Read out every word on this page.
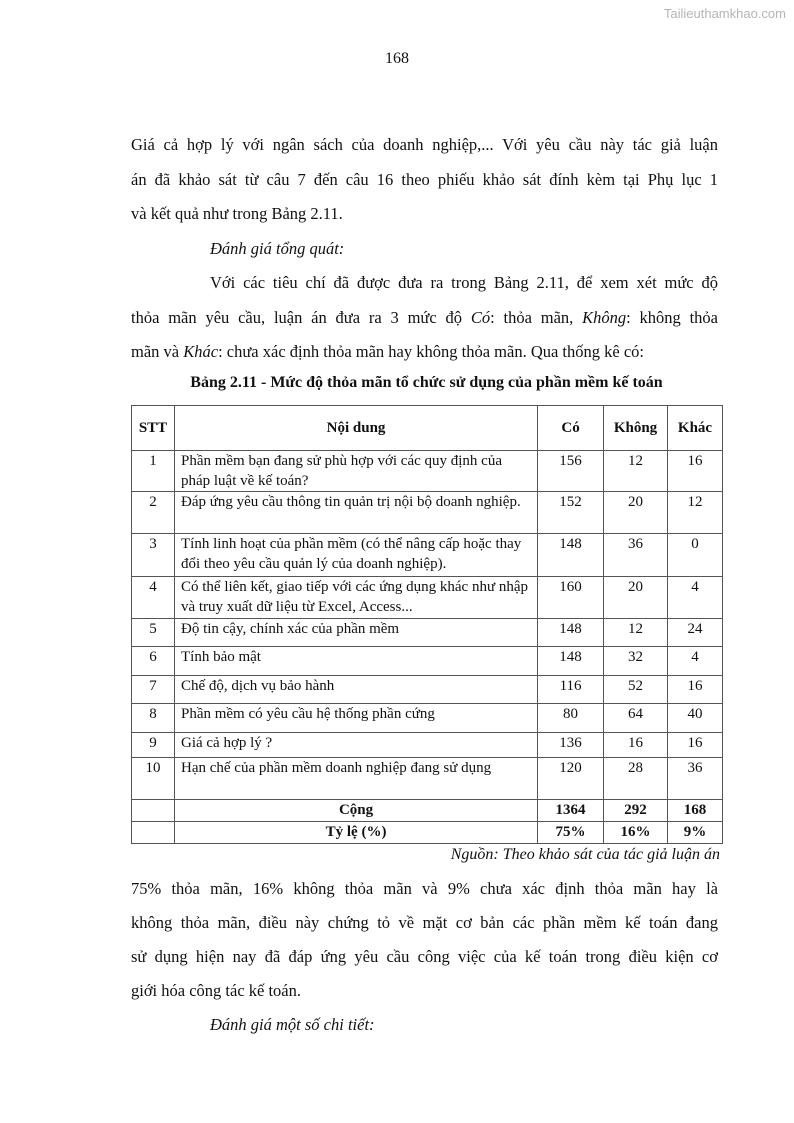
Tailieuthamkhao.com
168
Giá cả hợp lý với ngân sách của doanh nghiệp,... Với yêu cầu này tác giả luận
án đã khảo sát từ câu 7 đến câu 16 theo phiếu khảo sát đính kèm tại Phụ lục 1
và kết quả như trong Bảng 2.11.
Đánh giá tổng quát:
Với các tiêu chí đã được đưa ra trong Bảng 2.11, để xem xét mức độ
thỏa mãn yêu cầu, luận án đưa ra 3 mức độ Có: thỏa mãn, Không: không thỏa
mãn và Khác: chưa xác định thỏa mãn hay không thỏa mãn. Qua thống kê có:
Bảng 2.11 - Mức độ thỏa mãn tổ chức sử dụng của phần mềm kế toán
STT	Nội dung	Có	Không	Khác
1	Phần mềm bạn đang sử phù hợp với các quy định của pháp luật về kế toán?	156	12	16
2	Đáp ứng yêu cầu thông tin quản trị nội bộ doanh nghiệp.	152	20	12
3	Tính linh hoạt của phần mềm (có thể nâng cấp hoặc thay đổi theo yêu cầu quản lý của doanh nghiệp).	148	36	0
4	Có thể liên kết, giao tiếp với các ứng dụng khác như nhập và truy xuất dữ liệu từ Excel, Access...	160	20	4
5	Độ tin cậy, chính xác của phần mềm	148	12	24
6	Tính bảo mật	148	32	4
7	Chế độ, dịch vụ bảo hành	116	52	16
8	Phần mềm có yêu cầu hệ thống phần cứng	80	64	40
9	Giá cả hợp lý ?	136	16	16
10	Hạn chế của phần mềm doanh nghiệp đang sử dụng	120	28	36
	Cộng	1364	292	168
	Tỷ lệ (%)	75%	16%	9%
Nguồn: Theo khảo sát của tác giả luận án
75% thỏa mãn, 16% không thỏa mãn và 9% chưa xác định thỏa mãn hay là
không thỏa mãn, điều này chứng tỏ về mặt cơ bản các phần mềm kế toán đang
sử dụng hiện nay đã đáp ứng yêu cầu công việc của kế toán trong điều kiện cơ
giới hóa công tác kế toán.
Đánh giá một số chi tiết:
